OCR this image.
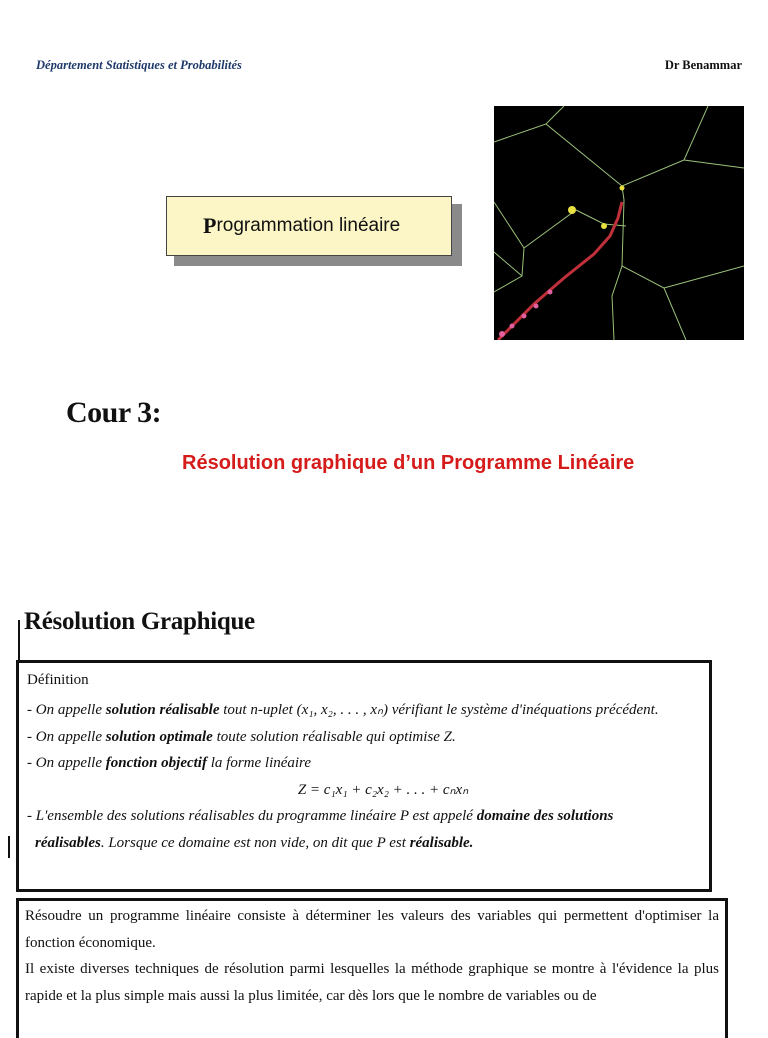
Département Statistiques et Probabilités	Dr Benammar
P rogrammation linéaire
Cour 3:
Résolution graphique d’un Programme Linéaire
Résolution Graphique
Définition
- On appelle solution réalisable tout n-uplet (x₁, x₂, . . . , xₙ) vérifiant le système d'inéquations précédent.
- On appelle solution optimale toute solution réalisable qui optimise Z.
- On appelle fonction objectif la forme linéaire
Z = c₁x₁ + c₂x₂ + . . . + cₙxₙ
- L'ensemble des solutions réalisables du programme linéaire P est appelé domaine des solutions
réalisables. Lorsque ce domaine est non vide, on dit que P est réalisable.

Résoudre un programme linéaire consiste à déterminer les valeurs des variables qui permettent d'optimiser la fonction économique.

Il existe diverses techniques de résolution parmi lesquelles la méthode graphique se montre à l'évidence la plus rapide et la plus simple mais aussi la plus limitée, car dès lors que le nombre de variables ou de
